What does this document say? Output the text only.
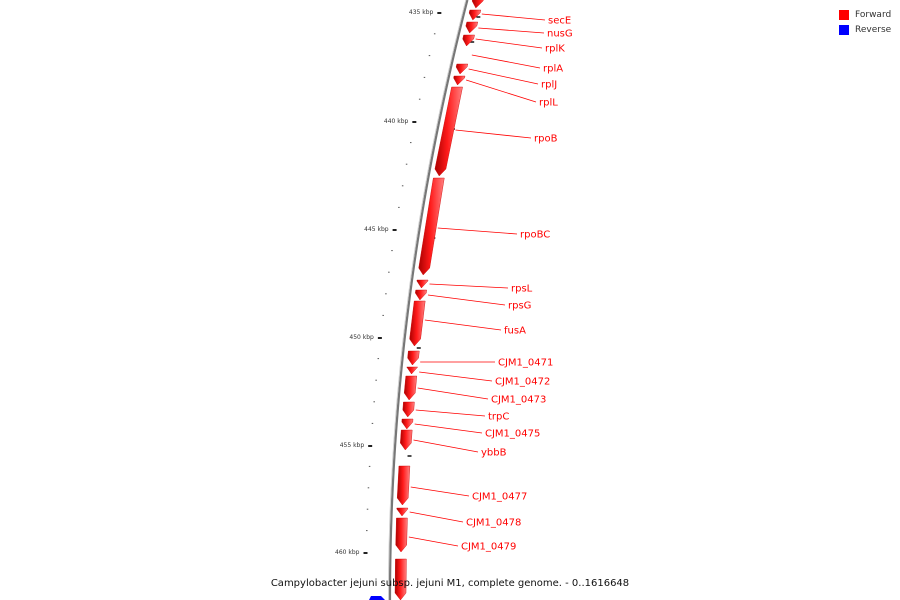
435 kbp
440 kbp
445 kbp
450 kbp
455 kbp
460 kbp
secE
nusG
rplK
rplA
rplJ
rplL
rpoB
rpoBC
rpsL
rpsG
fusA
CJM1_0471
CJM1_0472
CJM1_0473
trpC
CJM1_0475
ybbB
CJM1_0477
CJM1_0478
CJM1_0479
Forward
Reverse
Campylobacter jejuni subsp. jejuni M1, complete genome. - 0..1616648
